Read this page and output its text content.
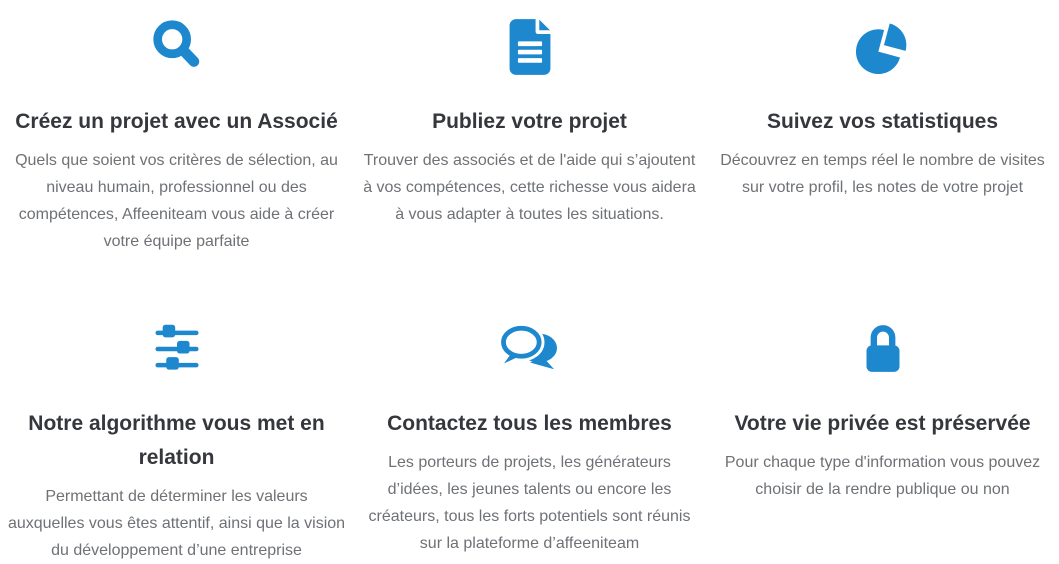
Créez un projet avec un Associé
Quels que soient vos critères de sélection, au niveau humain, professionnel ou des compétences, Affeeniteam vous aide à créer votre équipe parfaite
Publiez votre projet
Trouver des associés et de l'aide qui s’ajoutent à vos compétences, cette richesse vous aidera à vous adapter à toutes les situations.
Suivez vos statistiques
Découvrez en temps réel le nombre de visites sur votre profil, les notes de votre projet
Notre algorithme vous met en relation
Permettant de déterminer les valeurs auxquelles vous êtes attentif, ainsi que la vision du développement d’une entreprise
Contactez tous les membres
Les porteurs de projets, les générateurs d’idées, les jeunes talents ou encore les créateurs, tous les forts potentiels sont réunis sur la plateforme d’affeeniteam
Votre vie privée est préservée
Pour chaque type d'information vous pouvez choisir de la rendre publique ou non
